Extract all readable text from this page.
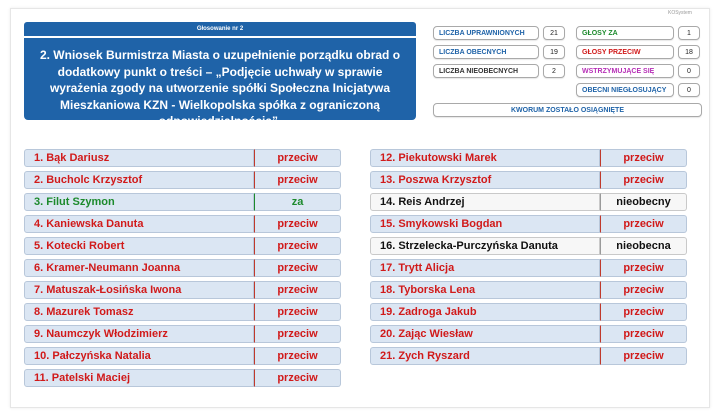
KOSystem
Głosowanie nr 2
2. Wniosek Burmistrza Miasta o uzupełnienie porządku obrad o dodatkowy punkt o treści – „Podjęcie uchwały w sprawie wyrażenia zgody na utworzenie spółki Społeczna Inicjatywa Mieszkaniowa KZN - Wielkopolska spółka z ograniczoną odpowiedzialnością”.
LICZBA UPRAWNIONYCH	21
LICZBA OBECNYCH	19
LICZBA NIEOBECNYCH	2
GŁOSY ZA	1
GŁOSY PRZECIW	18
WSTRZYMUJĄCE SIĘ	0
OBECNI NIEGŁOSUJĄCY	0
KWORUM ZOSTAŁO OSIĄGNIĘTE
1. Bąk Dariusz	przeciw
2. Bucholc Krzysztof	przeciw
3. Filut Szymon	za
4. Kaniewska Danuta	przeciw
5. Kotecki Robert	przeciw
6. Kramer-Neumann Joanna	przeciw
7. Matuszak-Łosińska Iwona	przeciw
8. Mazurek Tomasz	przeciw
9. Naumczyk Włodzimierz	przeciw
10. Pałczyńska Natalia	przeciw
11. Patelski Maciej	przeciw
12. Piekutowski Marek	przeciw
13. Poszwa Krzysztof	przeciw
14. Reis Andrzej	nieobecny
15. Smykowski Bogdan	przeciw
16. Strzelecka-Purczyńska Danuta	nieobecna
17. Trytt Alicja	przeciw
18. Tyborska Lena	przeciw
19. Zadroga Jakub	przeciw
20. Zając Wiesław	przeciw
21. Zych Ryszard	przeciw
